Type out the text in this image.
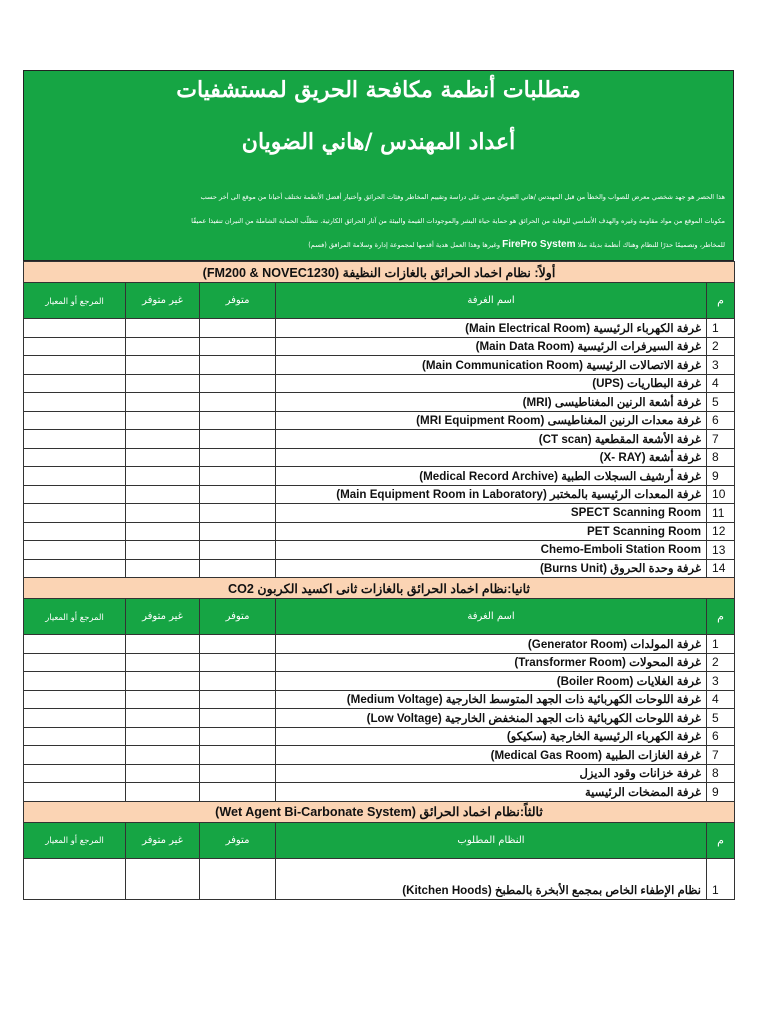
متطلبات أنظمة مكافحة الحريق لمستشفيات
أعداد المهندس /هاني الضويان
هذا الحصر هو جهد شخصي معرض للصواب والخطأ من قبل المهندس /هاني الضويان مبني على دراسة وتقييم المخاطر وفئات الحرائق وأختيار أفضل الأنظمة تختلف أحيانا من موقع الى أخر حسب
مكونات الموقع من مواد مقاومة وغيره والهدف الأساسي للوقاية من الحرائق هو حماية حياة البشر والموجودات القيمة والبيئة من آثار الحرائق الكارثية. تتطلّب الحماية الشاملة من النيران تنفيذا عميقًا
للمخاطر، وتصميمًا حذرًا للنظام وهناك أنظمة بديلة مثلا FirePro System وغيرها وهذا العمل هدية أقدمها لمجموعة إدارة وسلامة المرافق (فسم)
أولاً: نظام اخماد الحرائق بالغازات النظيفة (FM200 & NOVEC1230)				
م	اسم الغرفة	متوفر	غير متوفر	المرجع أو المعيار
1	غرفة الكهرباء الرئيسية (Main Electrical Room)			
2	غرفة السيرفرات الرئيسية (Main Data Room)			
3	غرفة الاتصالات الرئيسية (Main Communication Room)			
4	غرفة البطاريات (UPS)			
5	غرفة أشعة الرنين المغناطيسى (MRI)			
6	غرفة معدات الرنين المغناطيسى (MRI Equipment Room)			
7	غرفة الأشعة المقطعية (CT scan)			
8	غرفة أشعة (X- RAY)			
9	غرفة أرشيف السجلات الطبية (Medical Record Archive)			
10	غرفة المعدات الرئيسية بالمختبر (Main Equipment Room in Laboratory)			
11	SPECT Scanning Room			
12	PET Scanning Room			
13	Chemo-Emboli Station Room			
14	غرفة وحدة الحروق (Burns Unit)			
ثانيا:نظام اخماد الحرائق بالغازات ثانى اكسيد الكربون CO2				
م	اسم الغرفة	متوفر	غير متوفر	المرجع أو المعيار
1	غرفة المولدات (Generator Room)			
2	غرفة المحولات (Transformer Room)			
3	غرفة الغلايات (Boiler Room)			
4	غرفة اللوحات الكهربائية ذات الجهد المتوسط الخارجية (Medium Voltage)			
5	غرفة اللوحات الكهربائية ذات الجهد المنخفض الخارجية (Low Voltage)			
6	غرفة الكهرباء الرئيسية الخارجية (سكيكو)			
7	غرفة الغازات الطبية (Medical Gas Room)			
8	غرفة خزانات وقود الديزل			
9	غرفة المضخات الرئيسية			
ثالثاً:نظام اخماد الحرائق (Wet Agent Bi-Carbonate System)				
م	النظام المطلوب	متوفر	غير متوفر	المرجع أو المعيار
1	نظام الإطفاء الخاص بمجمع الأبخرة بالمطبخ (Kitchen Hoods)			
